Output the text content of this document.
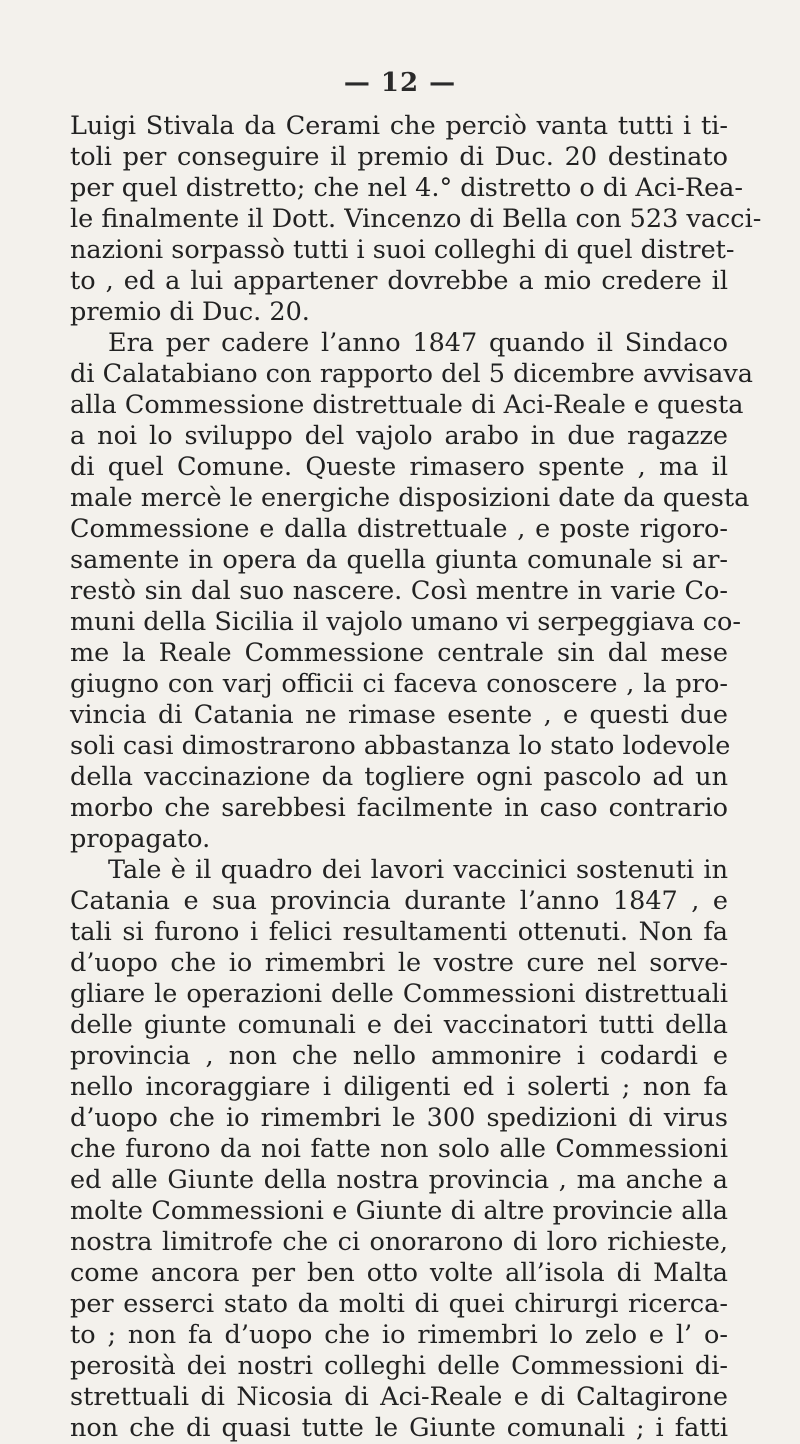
— 12 —
Luigi Stivala da Cerami che perciò vanta tutti i ti-
toli per conseguire il premio di Duc. 20 destinato
per quel distretto; che nel 4.° distretto o di Aci-Rea-
le finalmente il Dott. Vincenzo di Bella con 523 vacci-
nazioni sorpassò tutti i suoi colleghi di quel distret-
to , ed a lui appartener dovrebbe a mio credere il
premio di Duc. 20.
Era per cadere l’anno 1847 quando il Sindaco
di Calatabiano con rapporto del 5 dicembre avvisava
alla Commessione distrettuale di Aci-Reale e questa
a noi lo sviluppo del vajolo arabo in due ragazze
di quel Comune. Queste rimasero spente , ma il
male mercè le energiche disposizioni date da questa
Commessione e dalla distrettuale , e poste rigoro-
samente in opera da quella giunta comunale si ar-
restò sin dal suo nascere. Così mentre in varie Co-
muni della Sicilia il vajolo umano vi serpeggiava co-
me la Reale Commessione centrale sin dal mese
giugno con varj officii ci faceva conoscere , la pro-
vincia di Catania ne rimase esente , e questi due
soli casi dimostrarono abbastanza lo stato lodevole
della vaccinazione da togliere ogni pascolo ad un
morbo che sarebbesi facilmente in caso contrario
propagato.
Tale è il quadro dei lavori vaccinici sostenuti in
Catania e sua provincia durante l’anno 1847 , e
tali si furono i felici resultamenti ottenuti. Non fa
d’uopo che io rimembri le vostre cure nel sorve-
gliare le operazioni delle Commessioni distrettuali
delle giunte comunali e dei vaccinatori tutti della
provincia , non che nello ammonire i codardi e
nello incoraggiare i diligenti ed i solerti ; non fa
d’uopo che io rimembri le 300 spedizioni di virus
che furono da noi fatte non solo alle Commessioni
ed alle Giunte della nostra provincia , ma anche a
molte Commessioni e Giunte di altre provincie alla
nostra limitrofe che ci onorarono di loro richieste,
come ancora per ben otto volte all’isola di Malta
per esserci stato da molti di quei chirurgi ricerca-
to ; non fa d’uopo che io rimembri lo zelo e l’ o-
perosità dei nostri colleghi delle Commessioni di-
strettuali di Nicosia di Aci-Reale e di Caltagirone
non che di quasi tutte le Giunte comunali ; i fatti
